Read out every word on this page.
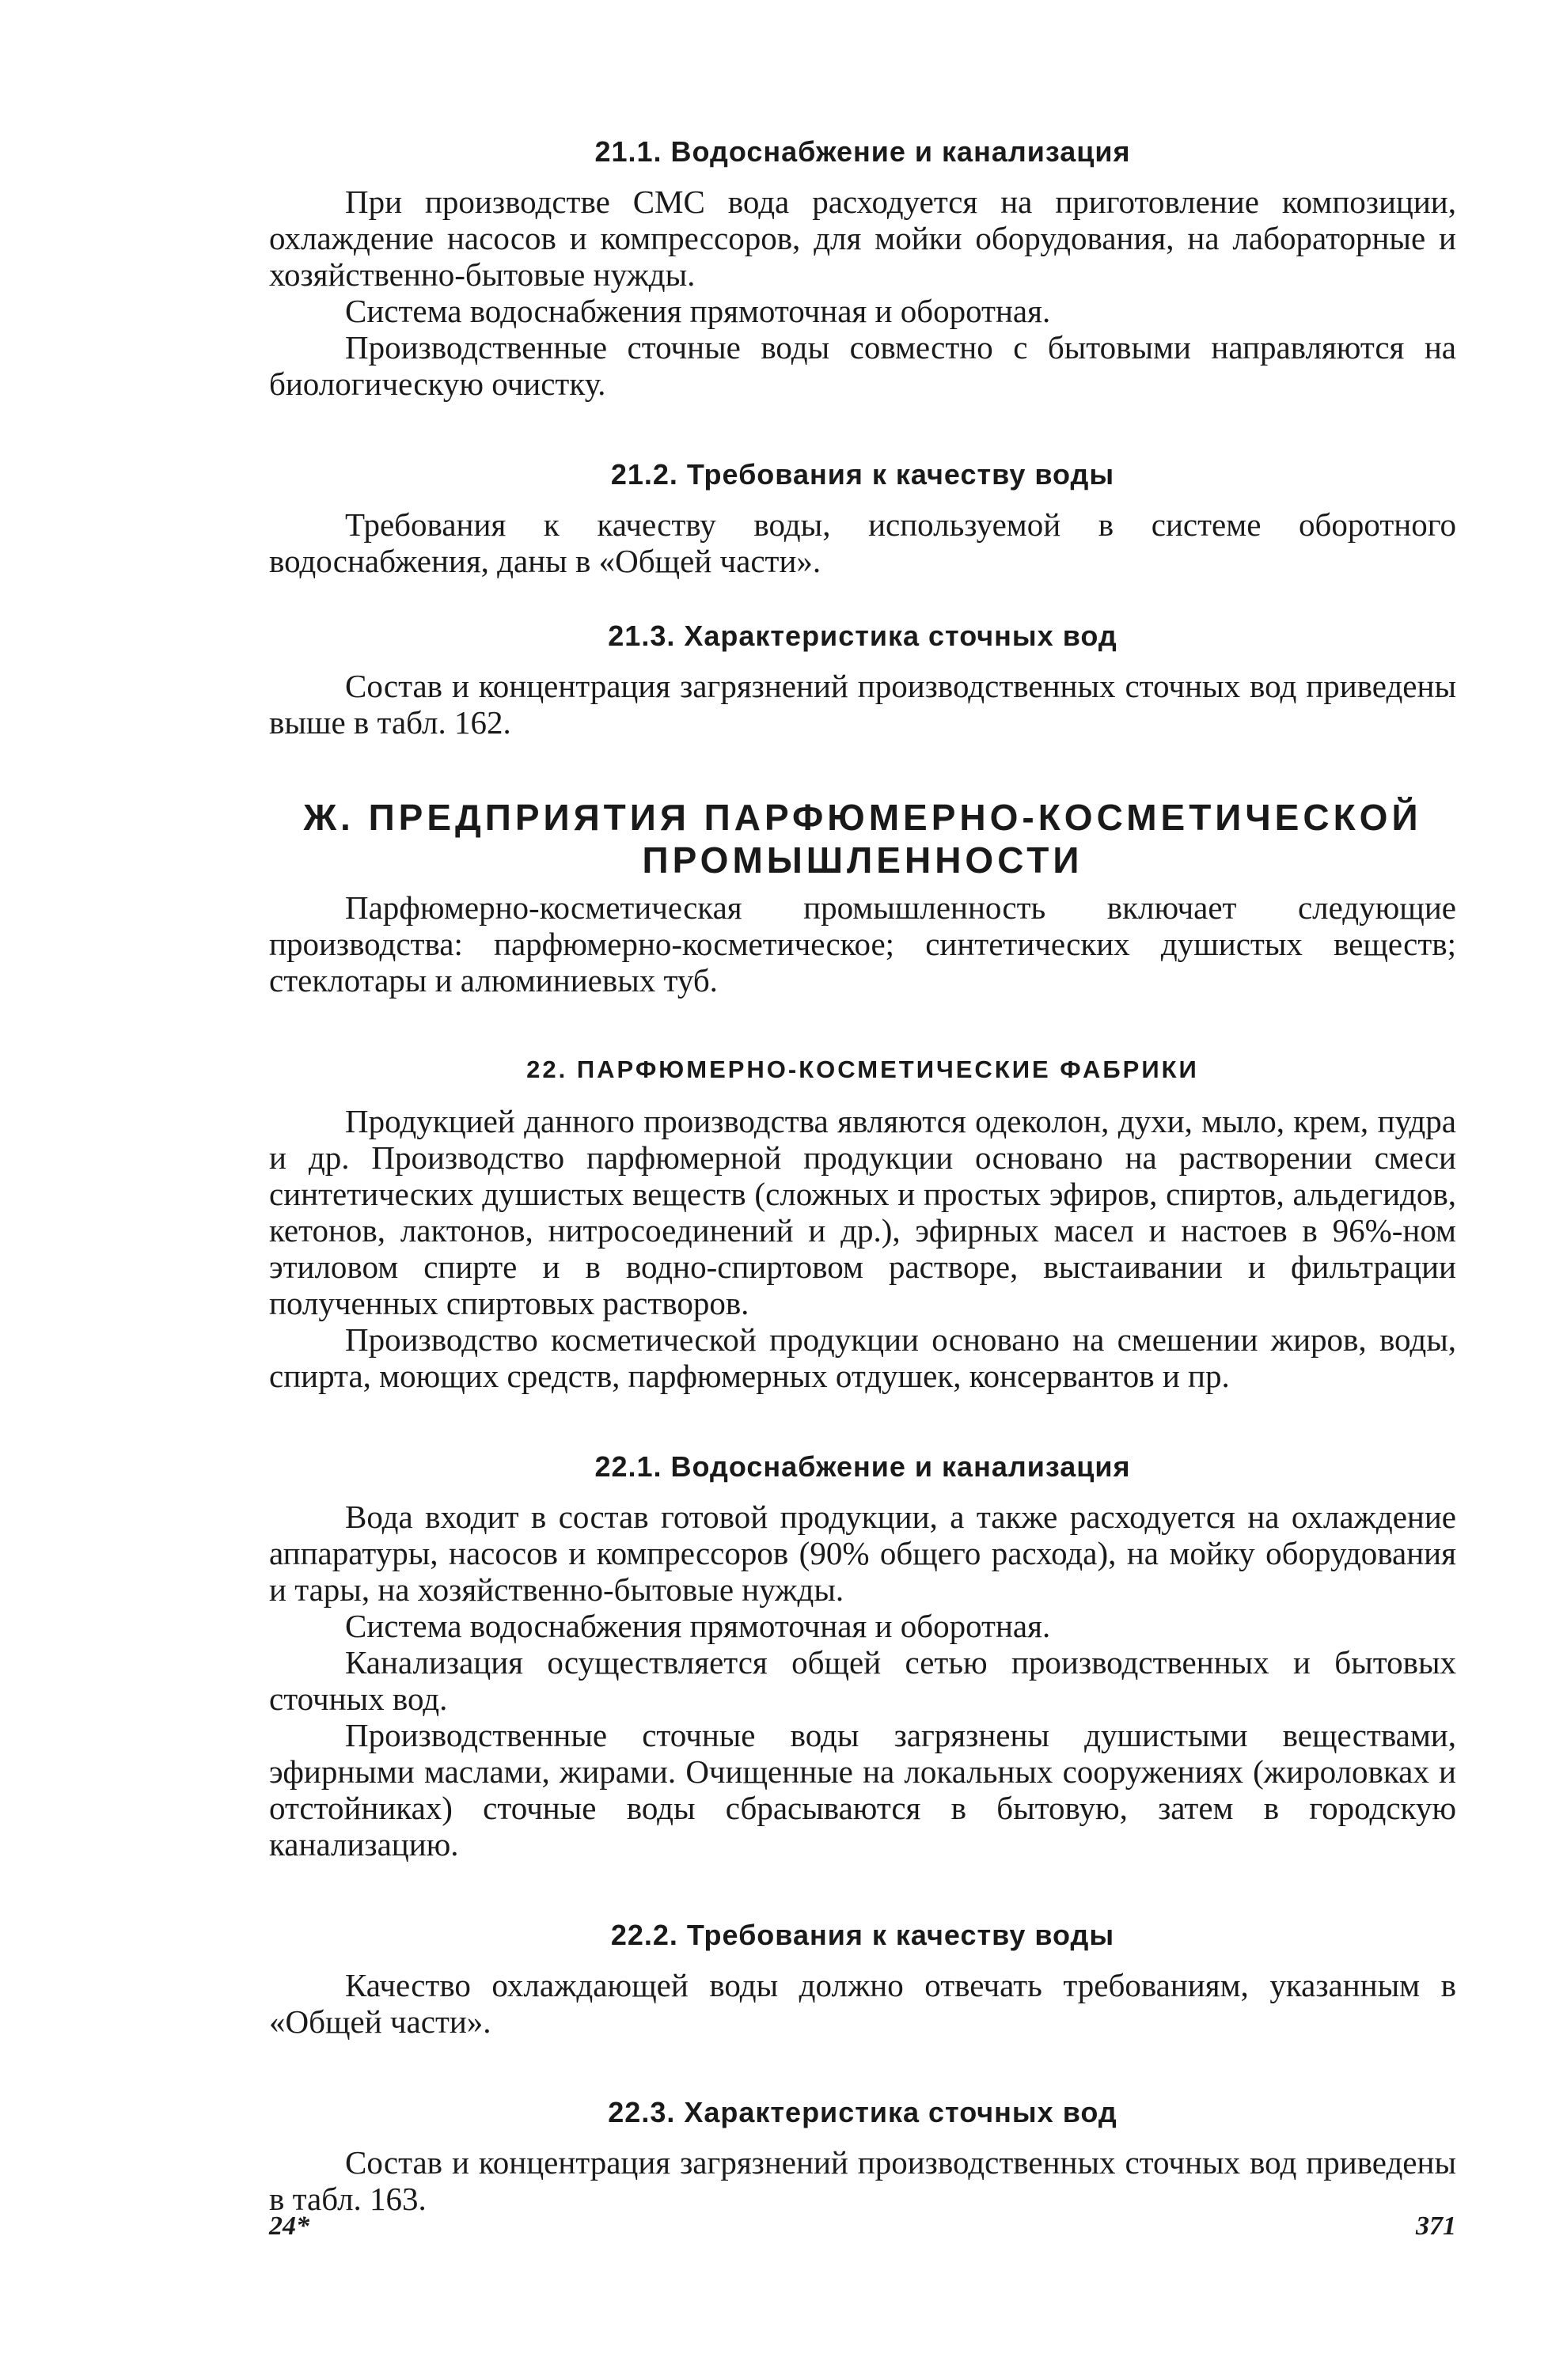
21.1. Водоснабжение и канализация

При производстве СМС вода расходуется на приготовление композиции, охлаждение насосов и компрессоров, для мойки оборудования, на лабораторные и хозяйственно-бытовые нужды.

Система водоснабжения прямоточная и оборотная.

Производственные сточные воды совместно с бытовыми направляются на биологическую очистку.

21.2. Требования к качеству воды

Требования к качеству воды, используемой в системе оборотного водоснабжения, даны в «Общей части».

21.3. Характеристика сточных вод

Состав и концентрация загрязнений производственных сточных вод приведены выше в табл. 162.

Ж. ПРЕДПРИЯТИЯ ПАРФЮМЕРНО-КОСМЕТИЧЕСКОЙ
ПРОМЫШЛЕННОСТИ

Парфюмерно-косметическая промышленность включает следующие производства: парфюмерно-косметическое; синтетических душистых веществ; стеклотары и алюминиевых туб.

22. ПАРФЮМЕРНО-КОСМЕТИЧЕСКИЕ ФАБРИКИ

Продукцией данного производства являются одеколон, духи, мыло, крем, пудра и др. Производство парфюмерной продукции основано на растворении смеси синтетических душистых веществ (сложных и простых эфиров, спиртов, альдегидов, кетонов, лактонов, нитросоединений и др.), эфирных масел и настоев в 96%-ном этиловом спирте и в водно-спиртовом растворе, выстаивании и фильтрации полученных спиртовых растворов.

Производство косметической продукции основано на смешении жиров, воды, спирта, моющих средств, парфюмерных отдушек, консервантов и пр.

22.1. Водоснабжение и канализация

Вода входит в состав готовой продукции, а также расходуется на охлаждение аппаратуры, насосов и компрессоров (90% общего расхода), на мойку оборудования и тары, на хозяйственно-бытовые нужды.

Система водоснабжения прямоточная и оборотная.

Канализация осуществляется общей сетью производственных и бытовых сточных вод.

Производственные сточные воды загрязнены душистыми веществами, эфирными маслами, жирами. Очищенные на локальных сооружениях (жироловках и отстойниках) сточные воды сбрасываются в бытовую, затем в городскую канализацию.

22.2. Требования к качеству воды

Качество охлаждающей воды должно отвечать требованиям, указанным в «Общей части».

22.3. Характеристика сточных вод

Состав и концентрация загрязнений производственных сточных вод приведены в табл. 163.

24*	371
